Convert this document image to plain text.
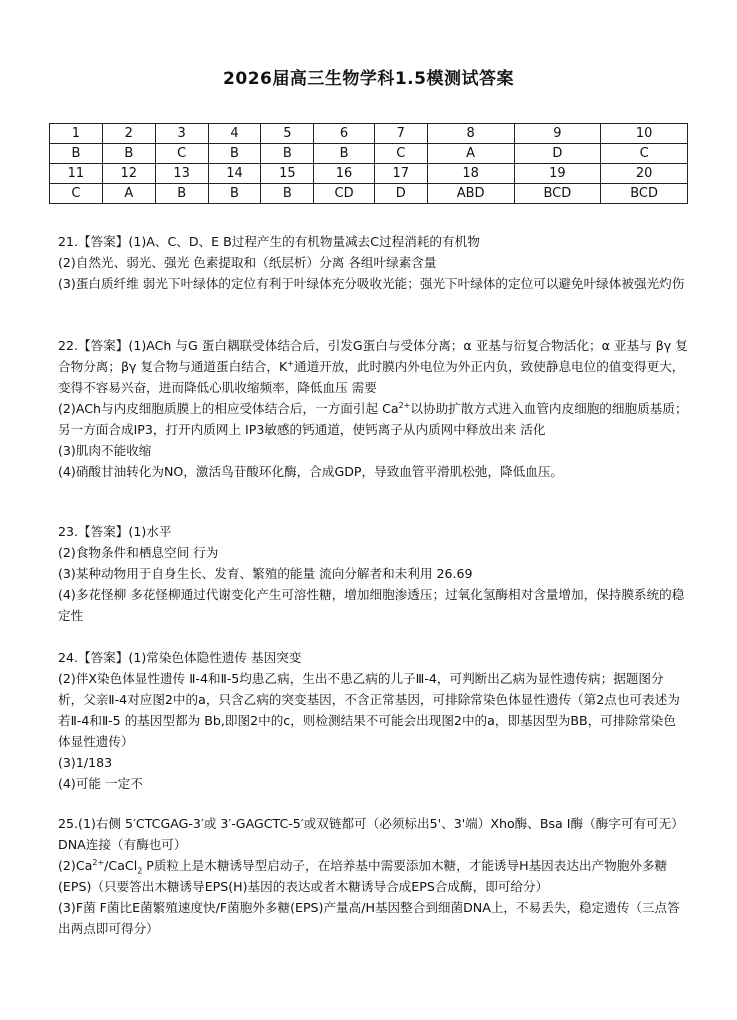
2026届高三生物学科1.5模测试答案
1	2	3	4	5	6	7	8	9	10
B	B	C	B	B	B	C	A	D	C
11	12	13	14	15	16	17	18	19	20
C	A	B	B	B	CD	D	ABD	BCD	BCD

21.【答案】(1)A、C、D、E B过程产生的有机物量减去C过程消耗的有机物

(2)自然光、弱光、强光 色素提取和（纸层析）分离 各组叶绿素含量

(3)蛋白质纤维 弱光下叶绿体的定位有利于叶绿体充分吸收光能；强光下叶绿体的定位可以避免叶绿体被强光灼伤

22.【答案】(1)ACh 与G 蛋白耦联受体结合后，引发G蛋白与受体分离；α 亚基与衍复合物活化；α 亚基与 βγ 复合物分离；βγ 复合物与通道蛋白结合，K+通道开放，此时膜内外电位为外正内负，致使静息电位的值变得更大，变得不容易兴奋，进而降低心肌收缩频率，降低血压 需要

(2)ACh与内皮细胞质膜上的相应受体结合后，一方面引起 $Ca^{2+}$以协助扩散方式进入血管内皮细胞的细胞质基质；另一方面合成IP3，打开内质网上 IP3敏感的钙通道，使钙离子从内质网中释放出来 活化

(3)肌肉不能收缩

(4)硝酸甘油转化为NO，激活鸟苷酸环化酶，合成GDP，导致血管平滑肌松弛，降低血压。

23.【答案】(1)水平

(2)食物条件和栖息空间 行为

(3)某种动物用于自身生长、发育、繁殖的能量 流向分解者和未利用 26.69

(4)多花怪柳 多花怪柳通过代谢变化产生可溶性糖，增加细胞渗透压；过氧化氢酶相对含量增加，保持膜系统的稳定性

24.【答案】(1)常染色体隐性遗传 基因突变

(2)伴X染色体显性遗传 Ⅱ-4和Ⅱ-5均患乙病，生出不患乙病的儿子Ⅲ-4，可判断出乙病为显性遗传病；据题图分析，父亲Ⅱ-4对应图2中的a，只含乙病的突变基因，不含正常基因，可排除常染色体显性遗传（第2点也可表述为若Ⅱ-4和Ⅱ-5 的基因型都为 Bb,即图2中的c，则检测结果不可能会出现图2中的a，即基因型为BB，可排除常染色体显性遗传）

(3)1/183

(4)可能 一定不

25.(1)右侧 5′CTCGAG-3′或 3′-GAGCTC-5′或双链都可（必须标出5'、3'端）Xho酶、Bsa Ⅰ酶（酶字可有可无）DNA连接（有酶也可）

$(2)Ca^{2+}/CaCl_2$ P质粒上是木糖诱导型启动子，在培养基中需要添加木糖，才能诱导H基因表达出产物胞外多糖(EPS)（只要答出木糖诱导EPS(H)基因的表达或者木糖诱导合成EPS合成酶，即可给分）

(3)F菌 F菌比E菌繁殖速度快/F菌胞外多糖(EPS)产量高/H基因整合到细菌DNA上，不易丢失，稳定遗传（三点答出两点即可得分）
